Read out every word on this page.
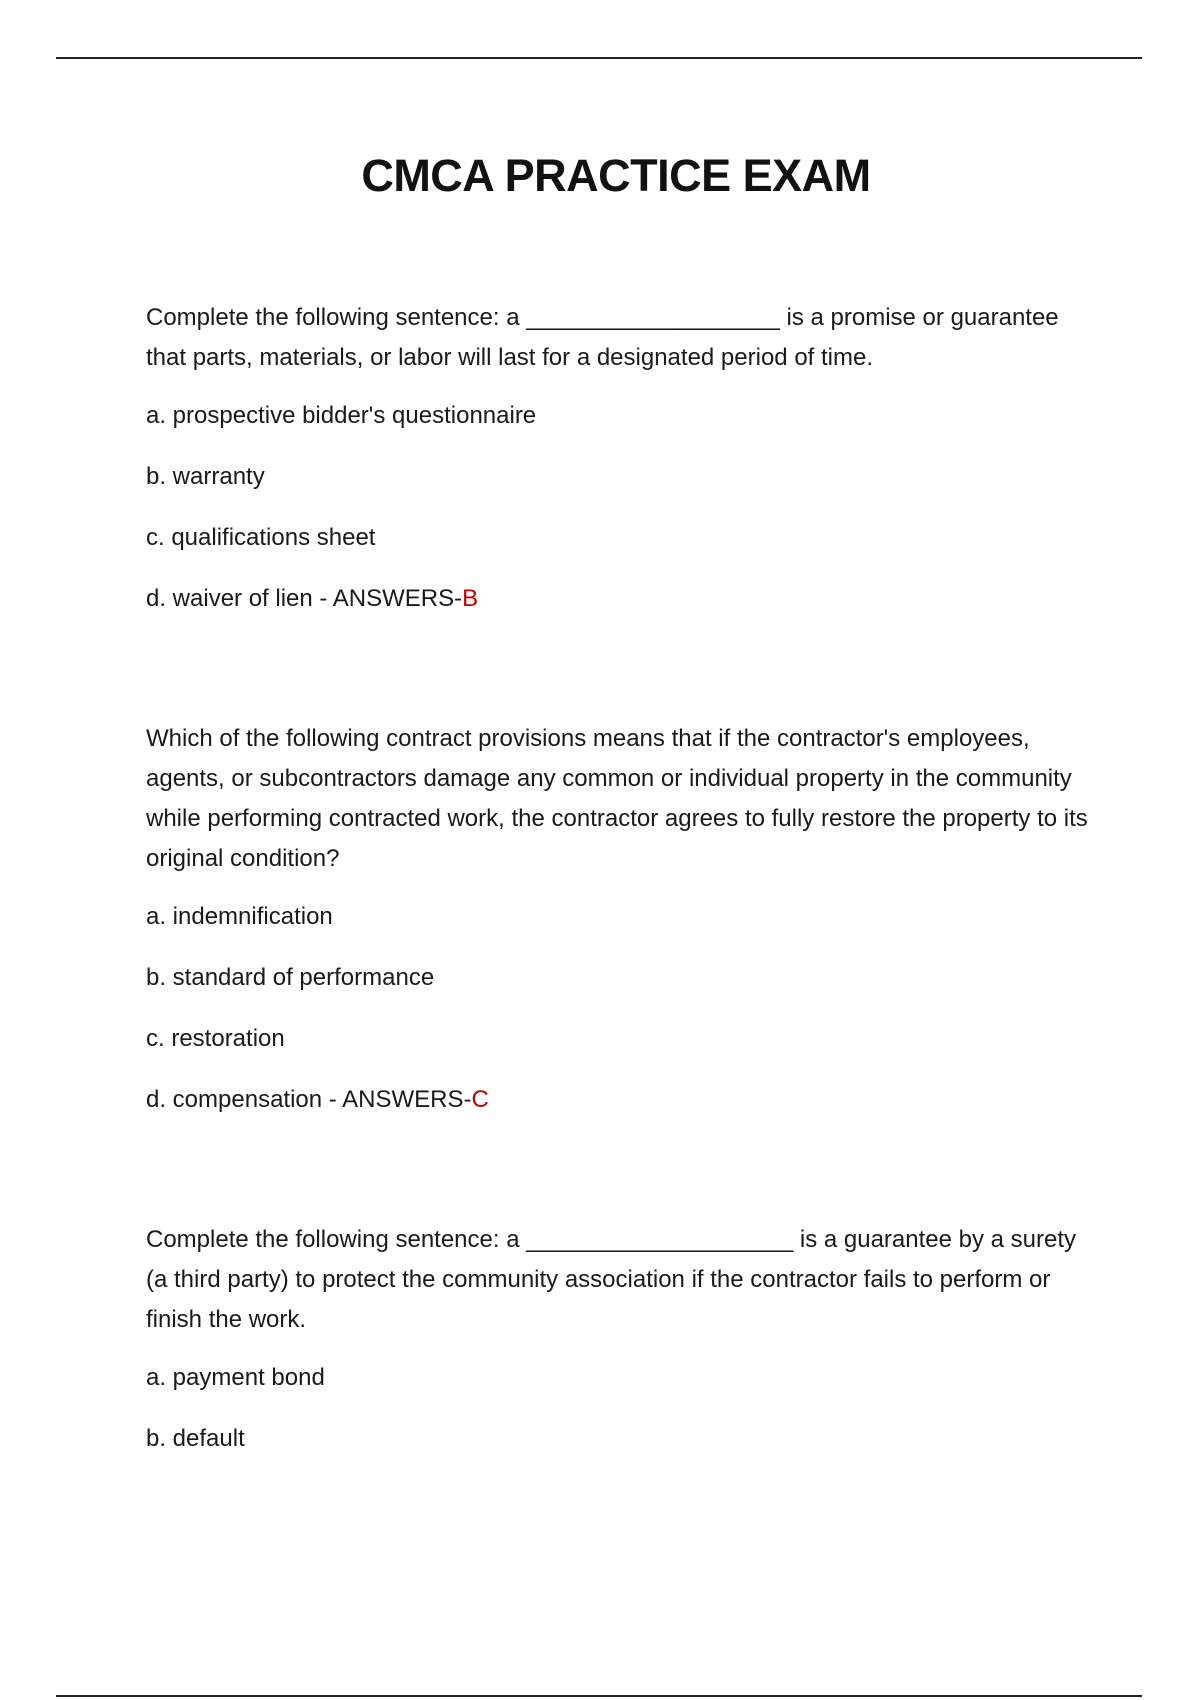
CMCA PRACTICE EXAM
Complete the following sentence: a ___________________ is a promise or guarantee that parts, materials, or labor will last for a designated period of time.
a. prospective bidder's questionnaire
b. warranty
c. qualifications sheet
d. waiver of lien - ANSWERS-B
Which of the following contract provisions means that if the contractor's employees, agents, or subcontractors damage any common or individual property in the community while performing contracted work, the contractor agrees to fully restore the property to its original condition?
a. indemnification
b. standard of performance
c. restoration
d. compensation - ANSWERS-C
Complete the following sentence: a ____________________ is a guarantee by a surety (a third party) to protect the community association if the contractor fails to perform or finish the work.
a. payment bond
b. default
